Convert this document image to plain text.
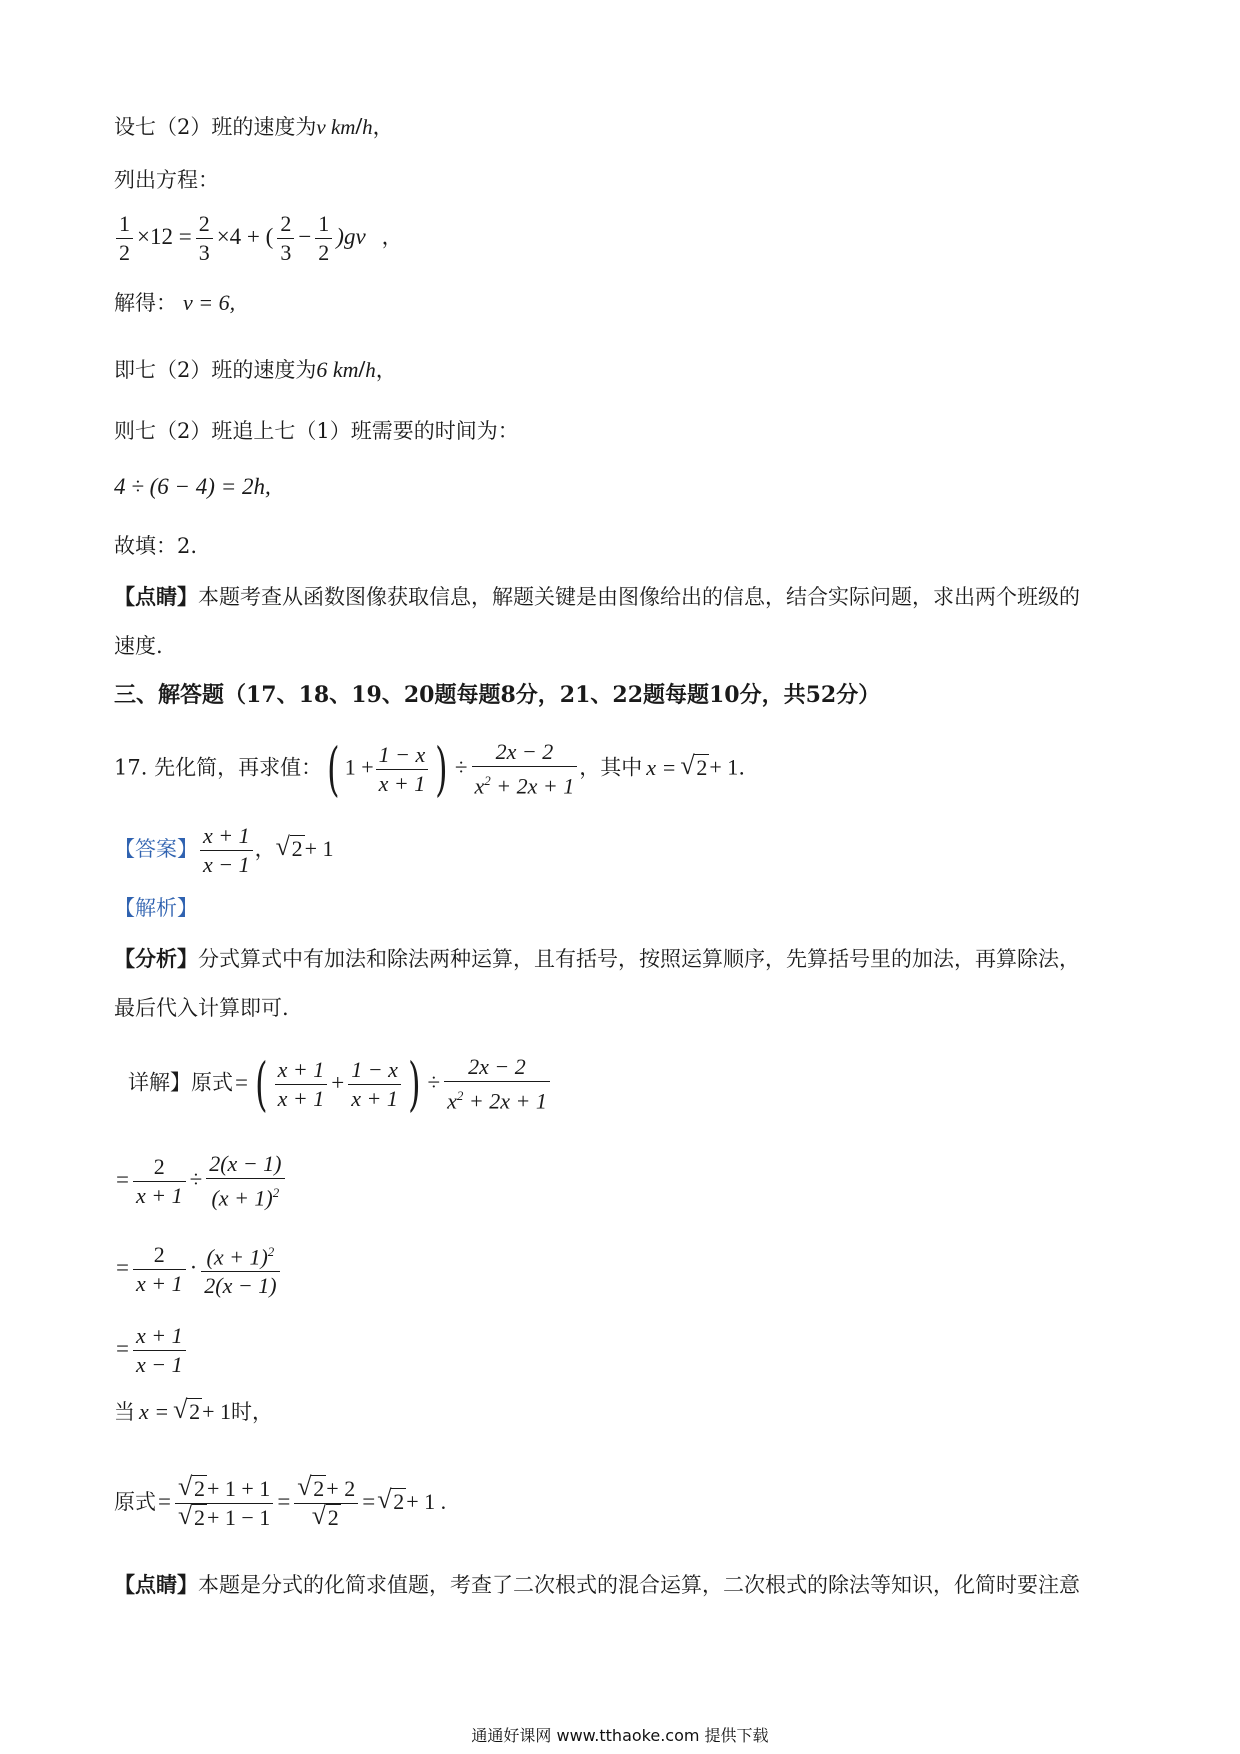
设七（2）班的速度为v km/h，
列出方程：
$\frac{1}{2} \times 12 = \frac{2}{3} \times 4$ + ( $\frac{2}{3} - \frac{1}{2} )gv$ ，
解得： v = 6,
即七（2）班的速度为6 km/h，
则七（2）班追上七（1）班需要的时间为：
4 ÷ (6 − 4) = 2h,
故填：2.
【点睛】本题考查从函数图像获取信息，解题关键是由图像给出的信息，结合实际问题，求出两个班级的
速度.
三、解答题（17、18、19、20题每题8分，21、22题每题10分，共52分）
17. 先化简，再求值：( $1 + \frac{1 - x}{x + 1}$ ) ÷ $\frac{2x - 2}{x^2 + 2x + 1}$ ，其中 x = √ 2+ 1.
【答案】 $\frac{x + 1}{x - 1}$ ， √ 2+ 1
【解析】
【分析】分式算式中有加法和除法两种运算，且有括号，按照运算顺序，先算括号里的加法，再算除法，
最后代入计算即可.
详解】原式= ( $\frac{x + 1}{x + 1} + \frac{1 - x}{x + 1}$ ) ÷ $\frac{2x - 2}{x^2 + 2x + 1}$
= $\frac{2}{x + 1} \div \frac{2(x - 1)}{(x + 1)^2}$
= $\frac{2}{x + 1} \cdot \frac{(x + 1)^2}{2(x - 1)}$
= $\frac{x + 1}{x - 1}$
当 x = √ 2+ 1时，
原式= √ 2+ 1 + 1
√ 2+ 1 − 1 = √ 2+ 2
√ 2 = √ 2+ 1 .
【点睛】本题是分式的化简求值题，考查了二次根式的混合运算，二次根式的除法等知识，化简时要注意
通通好课网 www.tthaoke.com 提供下载
